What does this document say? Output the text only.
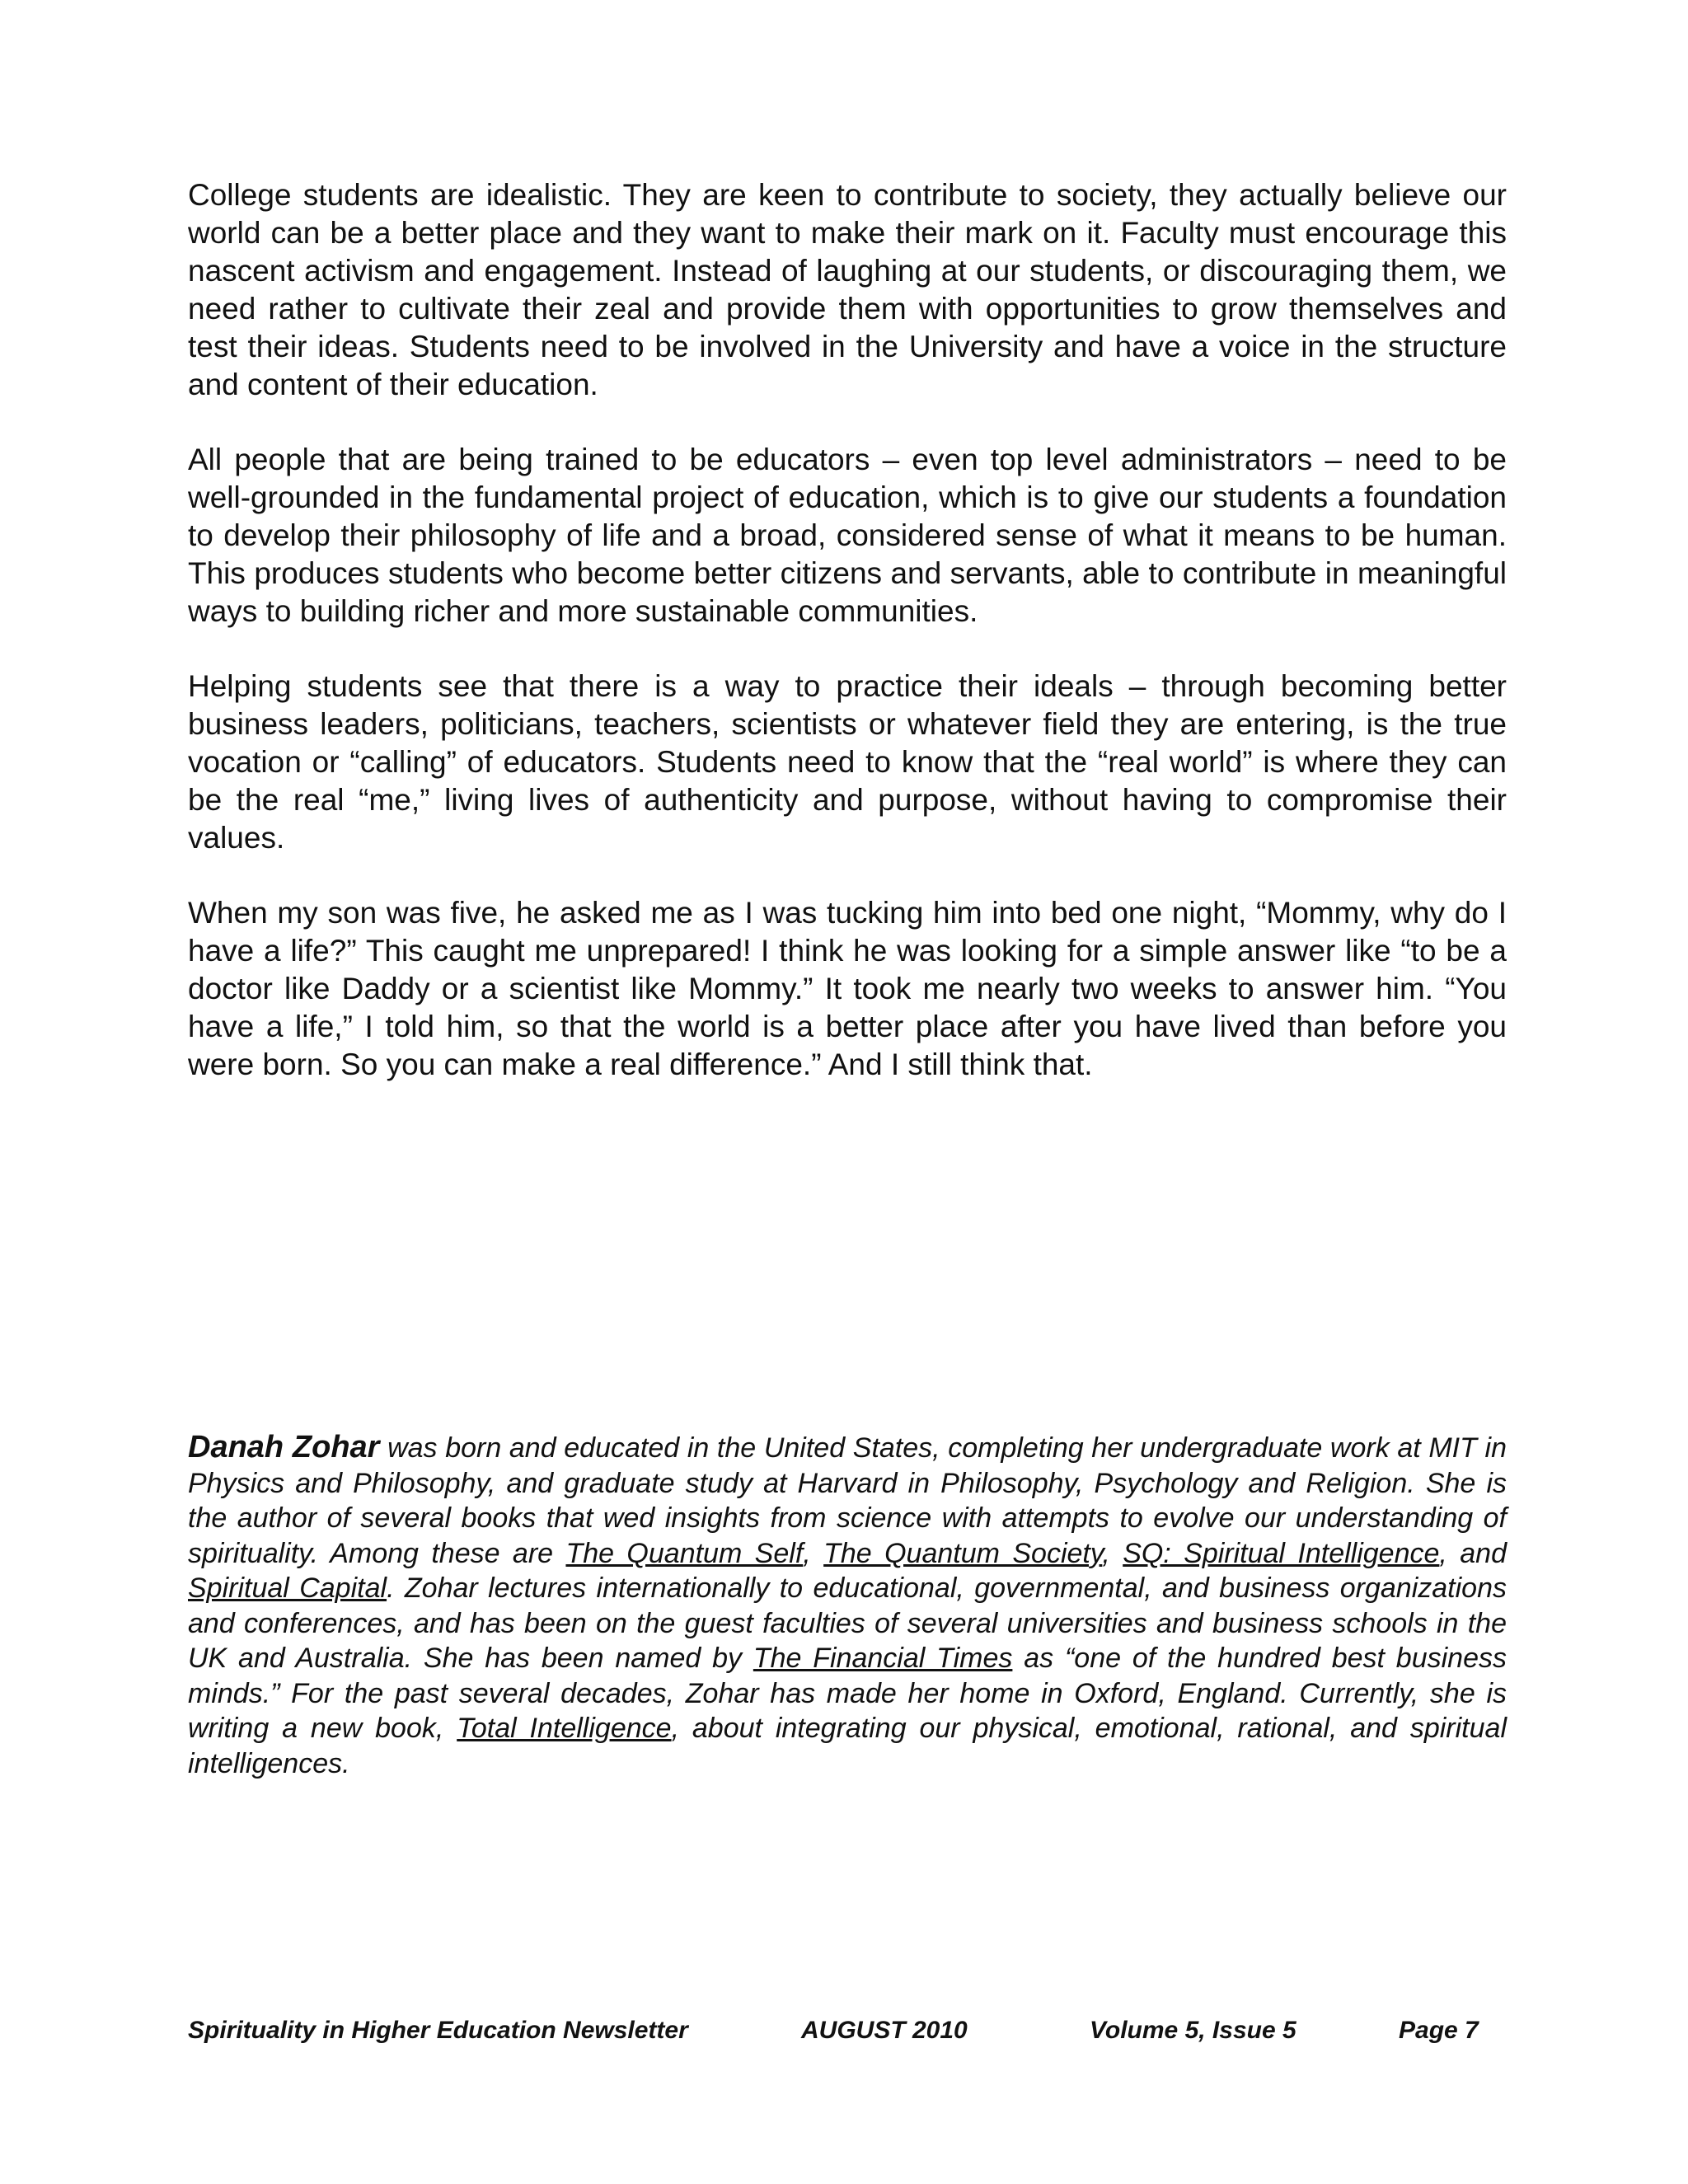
College students are idealistic. They are keen to contribute to society, they actually believe our world can be a better place and they want to make their mark on it. Faculty must encourage this nascent activism and engagement. Instead of laughing at our students, or discouraging them, we need rather to cultivate their zeal and provide them with opportunities to grow themselves and test their ideas. Students need to be involved in the University and have a voice in the structure and content of their education.

All people that are being trained to be educators – even top level administrators – need to be well-grounded in the fundamental project of education, which is to give our students a foundation to develop their philosophy of life and a broad, considered sense of what it means to be human. This produces students who become better citizens and servants, able to contribute in meaningful ways to building richer and more sustainable communities.

Helping students see that there is a way to practice their ideals – through becoming better business leaders, politicians, teachers, scientists or whatever field they are entering, is the true vocation or “calling” of educators. Students need to know that the “real world” is where they can be the real “me,” living lives of authenticity and purpose, without having to compromise their values.

When my son was five, he asked me as I was tucking him into bed one night, “Mommy, why do I have a life?” This caught me unprepared! I think he was looking for a simple answer like “to be a doctor like Daddy or a scientist like Mommy.” It took me nearly two weeks to answer him. “You have a life,” I told him, so that the world is a better place after you have lived than before you were born. So you can make a real difference.” And I still think that.

Danah Zohar was born and educated in the United States, completing her undergraduate work at MIT in Physics and Philosophy, and graduate study at Harvard in Philosophy, Psychology and Religion. She is the author of several books that wed insights from science with attempts to evolve our understanding of spirituality. Among these are The Quantum Self, The Quantum Society, SQ: Spiritual Intelligence, and Spiritual Capital. Zohar lectures internationally to educational, governmental, and business organizations and conferences, and has been on the guest faculties of several universities and business schools in the UK and Australia. She has been named by The Financial Times as “one of the hundred best business minds.” For the past several decades, Zohar has made her home in Oxford, England. Currently, she is writing a new book, Total Intelligence, about integrating our physical, emotional, rational, and spiritual intelligences.

Spirituality in Higher Education Newsletter	AUGUST 2010	Volume 5, Issue 5	Page 7
